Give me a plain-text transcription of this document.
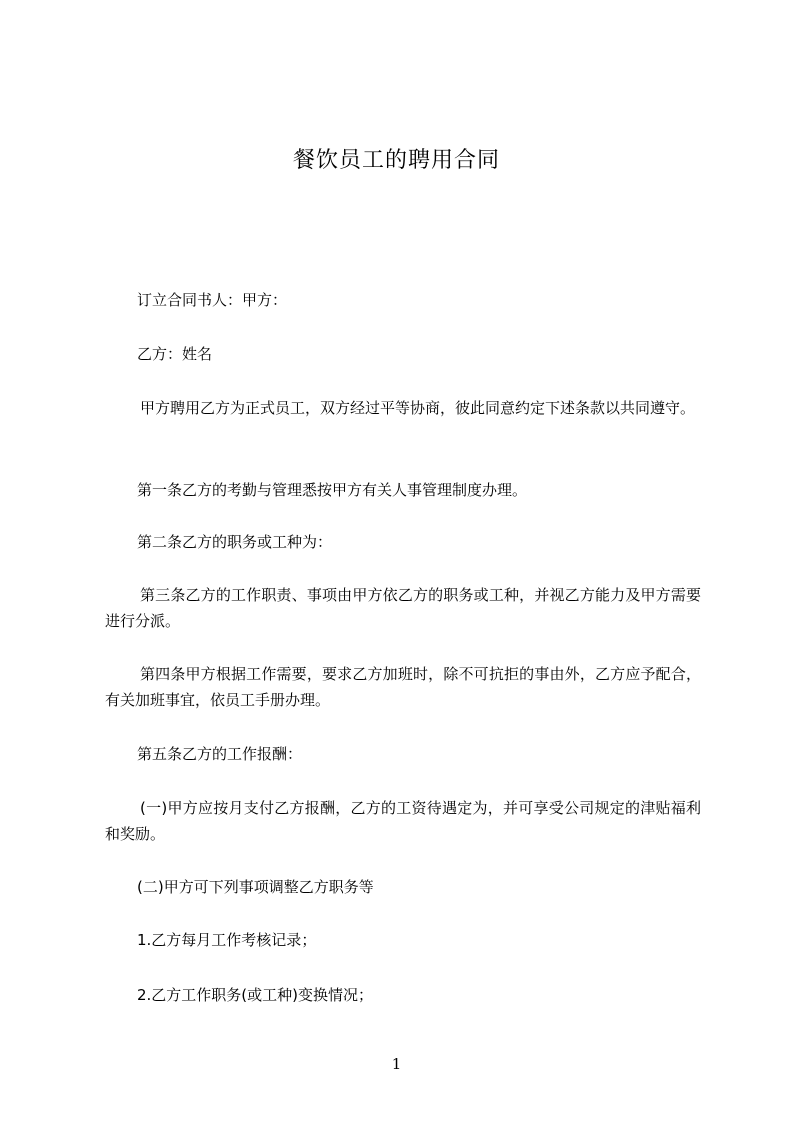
餐饮员工的聘用合同
订立合同书人：甲方：
乙方：姓名
甲方聘用乙方为正式员工，双方经过平等协商，彼此同意约定下述条款以共同遵守。
第一条乙方的考勤与管理悉按甲方有关人事管理制度办理。
第二条乙方的职务或工种为：
第三条乙方的工作职责、事项由甲方依乙方的职务或工种，并视乙方能力及甲方需要进行分派。
第四条甲方根据工作需要，要求乙方加班时，除不可抗拒的事由外，乙方应予配合，有关加班事宜，依员工手册办理。
第五条乙方的工作报酬：
(一)甲方应按月支付乙方报酬，乙方的工资待遇定为，并可享受公司规定的津贴福利和奖励。
(二)甲方可下列事项调整乙方职务等
1.乙方每月工作考核记录；
2.乙方工作职务(或工种)变换情况；
1
